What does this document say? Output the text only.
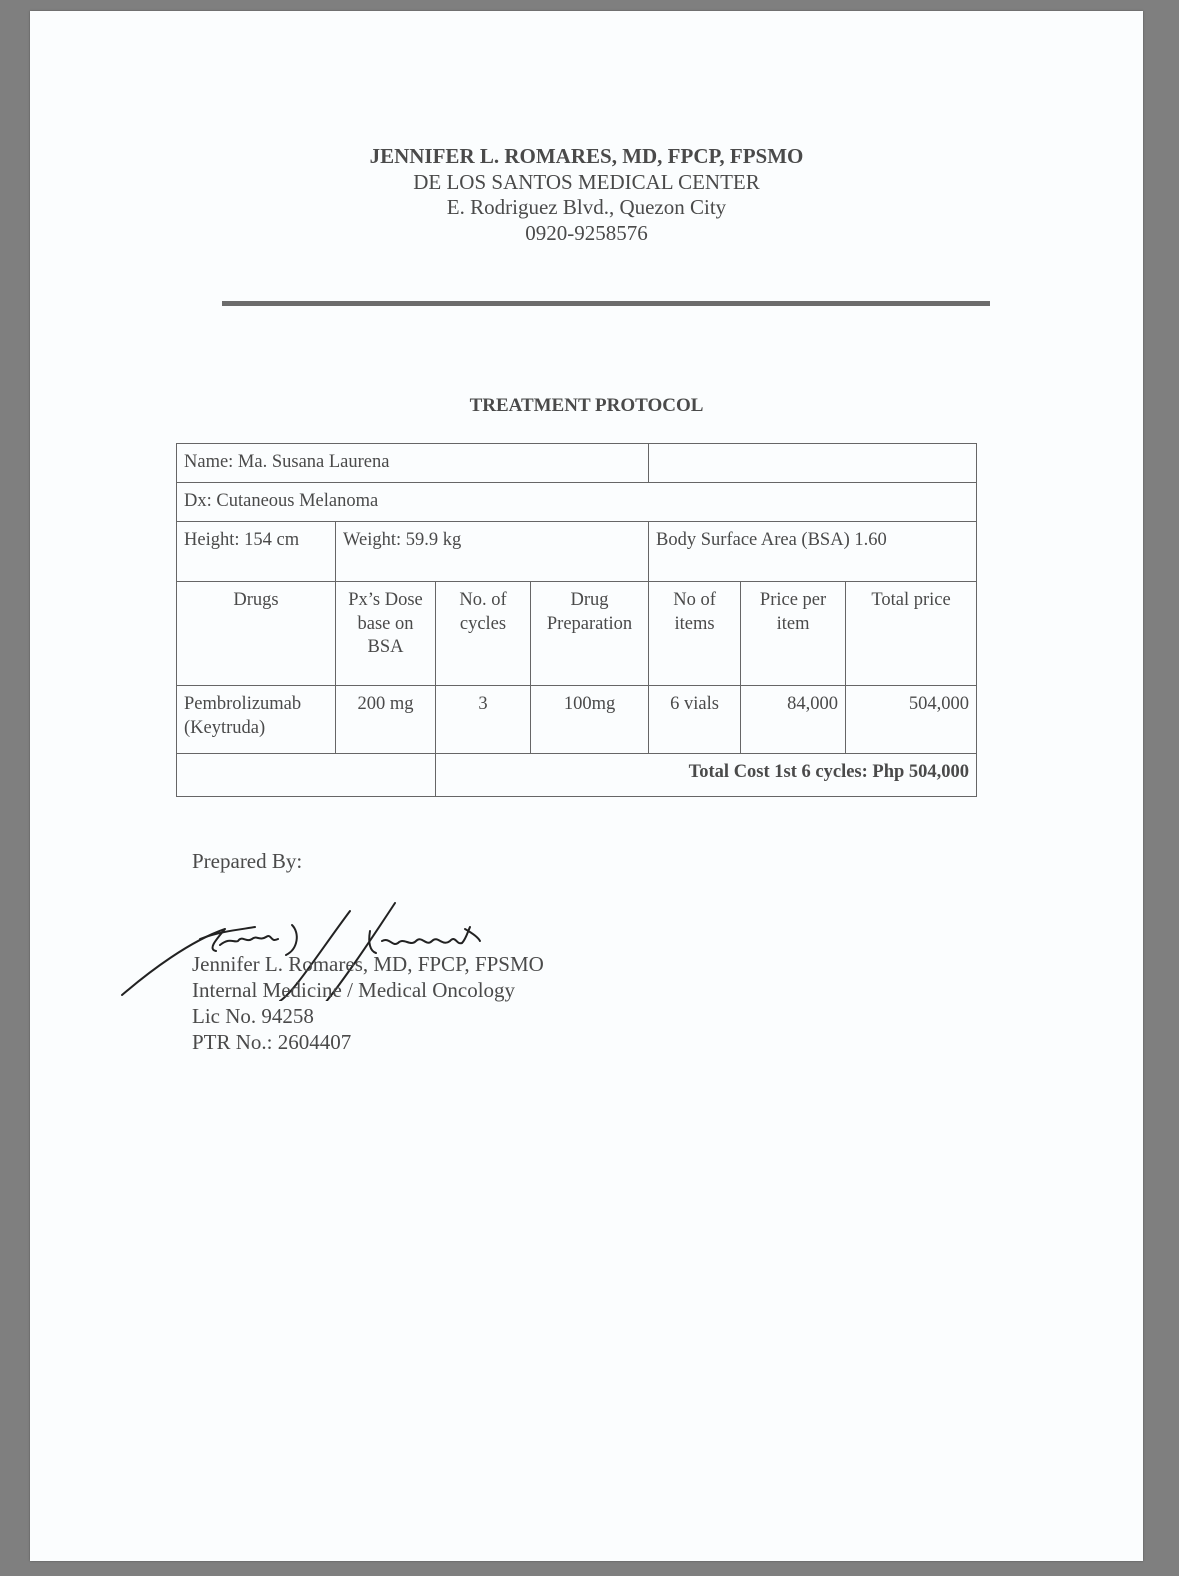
JENNIFER L. ROMARES, MD, FPCP, FPSMO
DE LOS SANTOS MEDICAL CENTER
E. Rodriguez Blvd., Quezon City
0920-9258576
TREATMENT PROTOCOL
Name: Ma. Susana Laurena						
Dx: Cutaneous Melanoma						
Height: 154 cm	Weight: 59.9 kg			Body Surface Area (BSA) 1.60		
Drugs	Px’s Dose base on BSA	No. of cycles	Drug Preparation	No of items	Price per item	Total price
Pembrolizumab (Keytruda)	200 mg	3	100mg	6 vials	84,000	504,000
		Total Cost 1st 6 cycles: Php 504,000				
Prepared By:
Jennifer L. Romares, MD, FPCP, FPSMO
Internal Medicine / Medical Oncology
Lic No. 94258
PTR No.: 2604407
